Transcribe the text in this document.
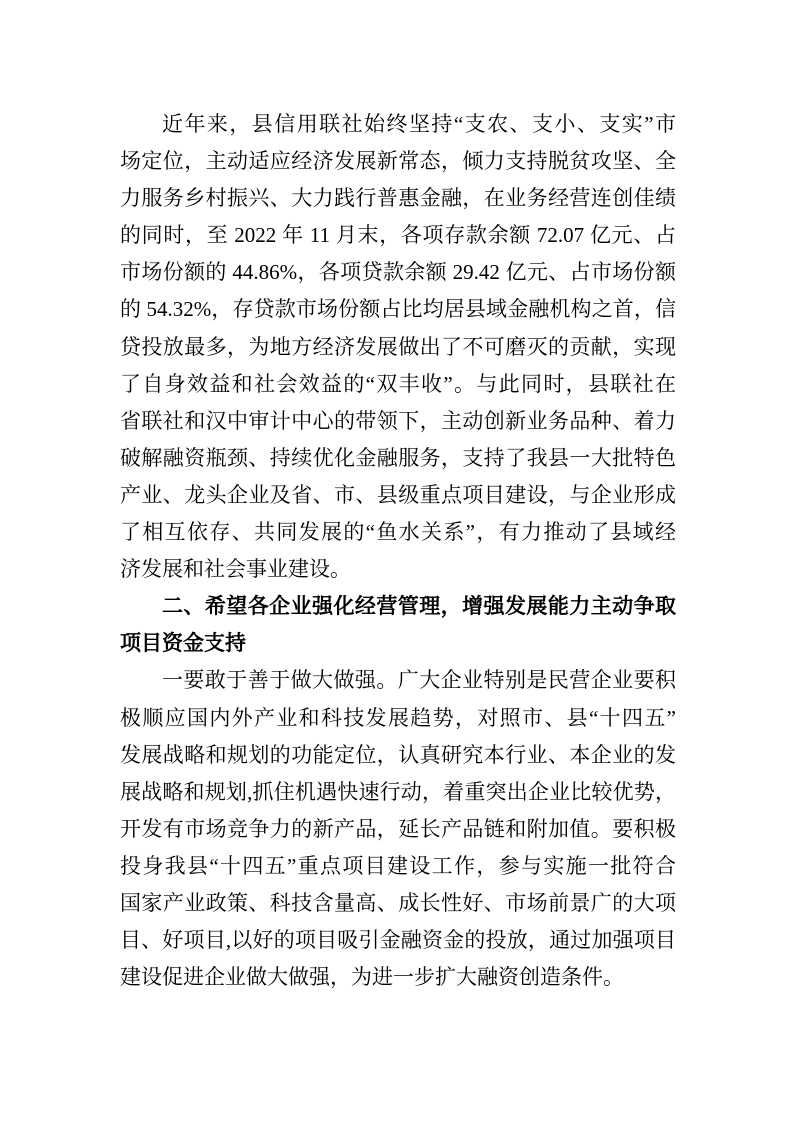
近年来，县信用联社始终坚持“支农、支小、支实”市
场定位，主动适应经济发展新常态，倾力支持脱贫攻坚、全
力服务乡村振兴、大力践行普惠金融，在业务经营连创佳绩
的同时，至 2022 年 11 月末，各项存款余额 72.07 亿元、占
市场份额的 44.86%，各项贷款余额 29.42 亿元、占市场份额
的 54.32%，存贷款市场份额占比均居县域金融机构之首，信
贷投放最多，为地方经济发展做出了不可磨灭的贡献，实现
了自身效益和社会效益的“双丰收”。与此同时，县联社在
省联社和汉中审计中心的带领下，主动创新业务品种、着力
破解融资瓶颈、持续优化金融服务，支持了我县一大批特色
产业、龙头企业及省、市、县级重点项目建设，与企业形成
了相互依存、共同发展的“鱼水关系”，有力推动了县域经
济发展和社会事业建设。
二、希望各企业强化经营管理，增强发展能力主动争取
项目资金支持
一要敢于善于做大做强。广大企业特别是民营企业要积
极顺应国内外产业和科技发展趋势，对照市、县“十四五”
发展战略和规划的功能定位，认真研究本行业、本企业的发
展战略和规划,抓住机遇快速行动，着重突出企业比较优势，
开发有市场竞争力的新产品，延长产品链和附加值。要积极
投身我县“十四五”重点项目建设工作，参与实施一批符合
国家产业政策、科技含量高、成长性好、市场前景广的大项
目、好项目,以好的项目吸引金融资金的投放，通过加强项目
建设促进企业做大做强，为进一步扩大融资创造条件。
